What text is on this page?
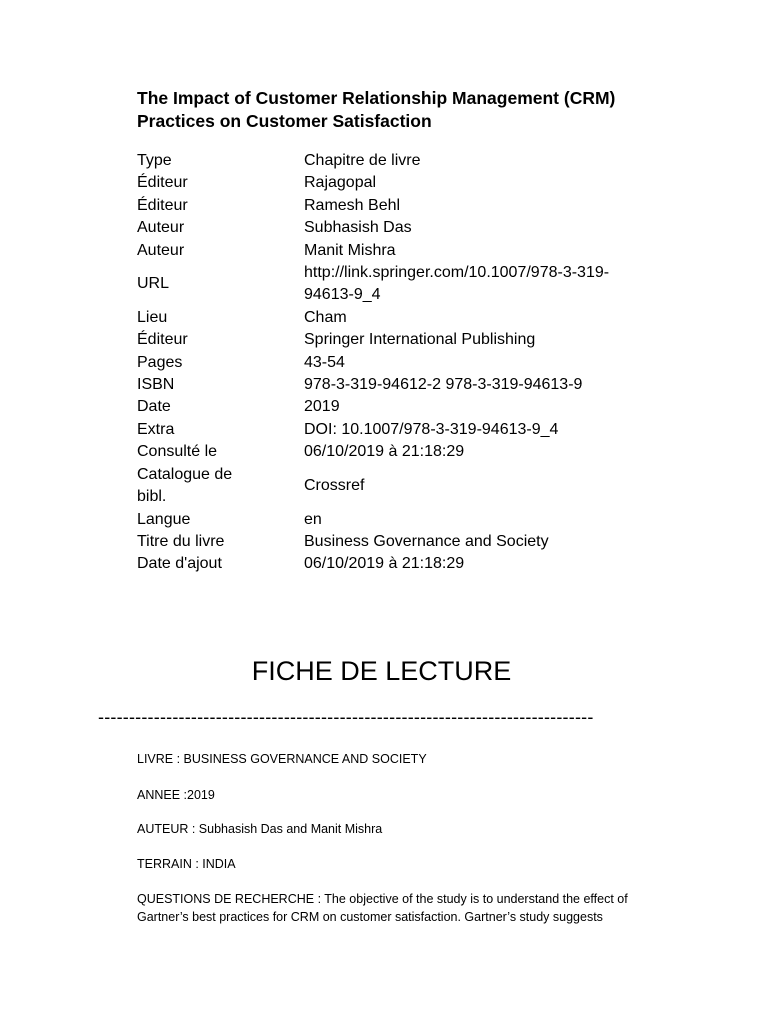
The Impact of Customer Relationship Management (CRM)
Practices on Customer Satisfaction
Type	Chapitre de livre

Éditeur	Rajagopal

Éditeur	Ramesh Behl

Auteur	Subhasish Das

Auteur	Manit Mishra

URL	http://link.springer.com/10.1007/978-3-319-
94613-9_4

Lieu	Cham

Éditeur	Springer International Publishing

Pages	43-54

ISBN	978-3-319-94612-2 978-3-319-94613-9

Date	2019

Extra	DOI: 10.1007/978-3-319-94613-9_4

Consulté le	06/10/2019 à 21:18:29

Catalogue de
bibl.	Crossref

Langue	en

Titre du livre	Business Governance and Society

Date d'ajout	06/10/2019 à 21:18:29
FICHE DE LECTURE
--------------------------------------------------------------------------------
LIVRE : BUSINESS GOVERNANCE AND SOCIETY
ANNEE :2019
AUTEUR : Subhasish Das and Manit Mishra
TERRAIN : INDIA
QUESTIONS DE RECHERCHE : The objective of the study is to understand the effect of
Gartner’s best practices for CRM on customer satisfaction. Gartner’s study suggests
